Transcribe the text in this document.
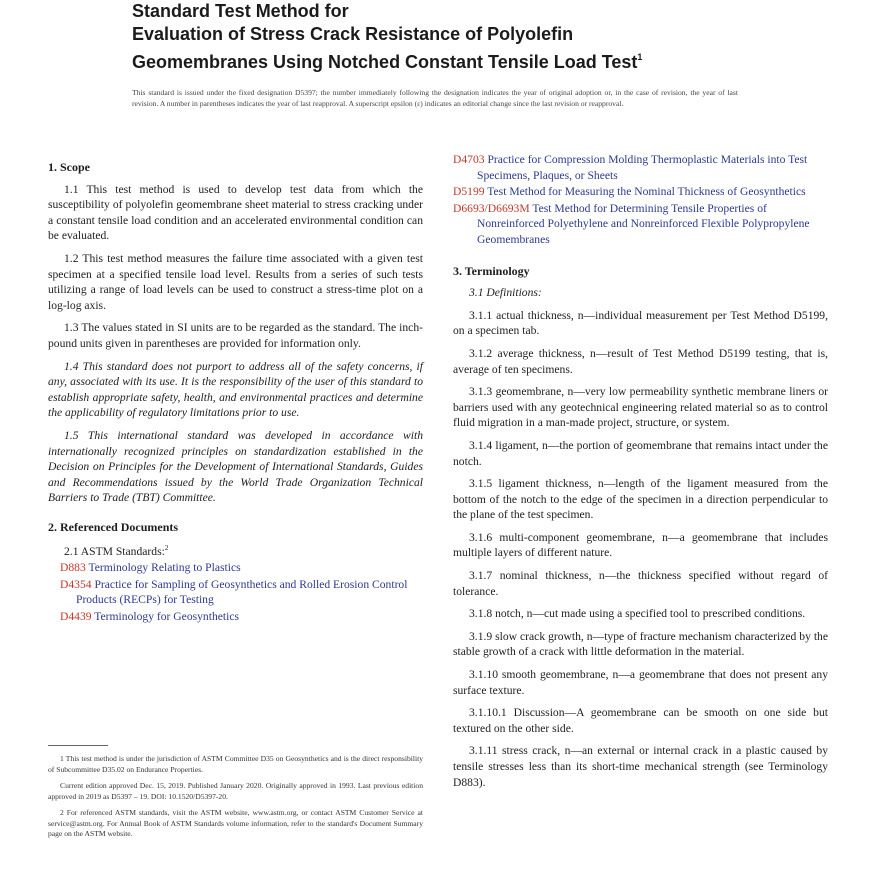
Standard Test Method for
Evaluation of Stress Crack Resistance of Polyolefin
Geomembranes Using Notched Constant Tensile Load Test$^1$
This standard is issued under the fixed designation D5397; the number immediately following the designation indicates the year of original adoption or, in the case of revision, the year of last revision. A number in parentheses indicates the year of last reapproval. A superscript epsilon (ε) indicates an editorial change since the last revision or reapproval.
1. Scope

1.1 This test method is used to develop test data from which the susceptibility of polyolefin geomembrane sheet material to stress cracking under a constant tensile load condition and an accelerated environmental condition can be evaluated.

1.2 This test method measures the failure time associated with a given test specimen at a specified tensile load level. Results from a series of such tests utilizing a range of load levels can be used to construct a stress-time plot on a log-log axis.

1.3 The values stated in SI units are to be regarded as the standard. The inch-pound units given in parentheses are provided for information only.

1.4 This standard does not purport to address all of the safety concerns, if any, associated with its use. It is the responsibility of the user of this standard to establish appropriate safety, health, and environmental practices and determine the applicability of regulatory limitations prior to use.

1.5 This international standard was developed in accordance with internationally recognized principles on standardization established in the Decision on Principles for the Development of International Standards, Guides and Recommendations issued by the World Trade Organization Technical Barriers to Trade (TBT) Committee.

2. Referenced Documents
2.1 ASTM Standards:$^2$
D883 Terminology Relating to Plastics
D4354 Practice for Sampling of Geosynthetics and Rolled Erosion Control Products (RECPs) for Testing
D4439 Terminology for Geosynthetics
D4703 Practice for Compression Molding Thermoplastic Materials into Test Specimens, Plaques, or Sheets
D5199 Test Method for Measuring the Nominal Thickness of Geosynthetics
D6693/D6693M Test Method for Determining Tensile Properties of Nonreinforced Polyethylene and Nonreinforced Flexible Polypropylene Geomembranes
3. Terminology

3.1 Definitions:

3.1.1 actual thickness, n—individual measurement per Test Method D5199, on a specimen tab.

3.1.2 average thickness, n—result of Test Method D5199 testing, that is, average of ten specimens.

3.1.3 geomembrane, n—very low permeability synthetic membrane liners or barriers used with any geotechnical engineering related material so as to control fluid migration in a man-made project, structure, or system.

3.1.4 ligament, n—the portion of geomembrane that remains intact under the notch.

3.1.5 ligament thickness, n—length of the ligament measured from the bottom of the notch to the edge of the specimen in a direction perpendicular to the plane of the test specimen.

3.1.6 multi-component geomembrane, n—a geomembrane that includes multiple layers of different nature.

3.1.7 nominal thickness, n—the thickness specified without regard of tolerance.

3.1.8 notch, n—cut made using a specified tool to prescribed conditions.

3.1.9 slow crack growth, n—type of fracture mechanism characterized by the stable growth of a crack with little deformation in the material.

3.1.10 smooth geomembrane, n—a geomembrane that does not present any surface texture.

3.1.10.1 Discussion—A geomembrane can be smooth on one side but textured on the other side.

3.1.11 stress crack, n—an external or internal crack in a plastic caused by tensile stresses less than its short-time mechanical strength (see Terminology D883).

1 This test method is under the jurisdiction of ASTM Committee D35 on Geosynthetics and is the direct responsibility of Subcommittee D35.02 on Endurance Properties.

Current edition approved Dec. 15, 2019. Published January 2020. Originally approved in 1993. Last previous edition approved in 2019 as D5397 – 19. DOI: 10.1520/D5397-20.

2 For referenced ASTM standards, visit the ASTM website, www.astm.org, or contact ASTM Customer Service at service@astm.org. For Annual Book of ASTM Standards volume information, refer to the standard's Document Summary page on the ASTM website.
